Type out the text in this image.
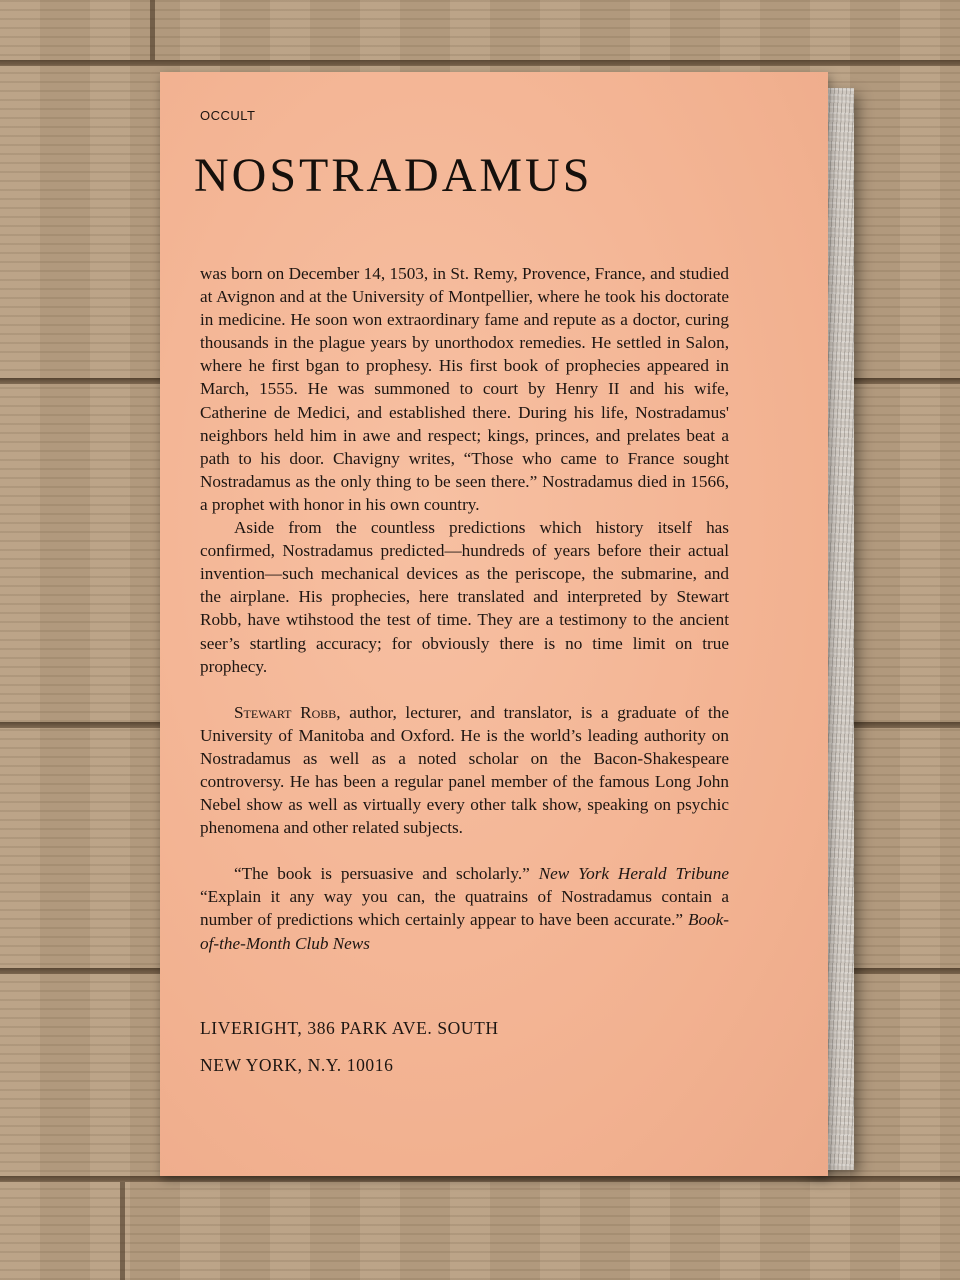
OCCULT
NOSTRADAMUS

was born on December 14, 1503, in St. Remy, Provence, France, and studied at Avignon and at the University of Montpellier, where he took his doctorate in medicine. He soon won extraordinary fame and repute as a doctor, curing thousands in the plague years by unorthodox remedies. He settled in Salon, where he first bgan to prophesy. His first book of prophecies appeared in March, 1555. He was summoned to court by Henry II and his wife, Catherine de Medici, and established there. During his life, Nostradamus' neighbors held him in awe and respect; kings, princes, and prelates beat a path to his door. Chavigny writes, “Those who came to France sought Nostradamus as the only thing to be seen there.” Nostradamus died in 1566, a prophet with honor in his own country.

Aside from the countless predictions which history itself has confirmed, Nostradamus predicted—hundreds of years before their actual invention—such mechanical devices as the periscope, the submarine, and the airplane. His prophecies, here translated and interpreted by Stewart Robb, have wtihstood the test of time. They are a testimony to the ancient seer’s startling accuracy; for obviously there is no time limit on true prophecy.

Stewart Robb, author, lecturer, and translator, is a graduate of the University of Manitoba and Oxford. He is the world’s leading authority on Nostradamus as well as a noted scholar on the Bacon-Shakespeare controversy. He has been a regular panel member of the famous Long John Nebel show as well as virtually every other talk show, speaking on psychic phenomena and other related subjects.

“The book is persuasive and scholarly.” New York Herald Tribune “Explain it any way you can, the quatrains of Nostradamus contain a number of predictions which certainly appear to have been accurate.” Book-of-the-Month Club News

LIVERIGHT, 386 PARK AVE. SOUTH
NEW YORK, N.Y. 10016
